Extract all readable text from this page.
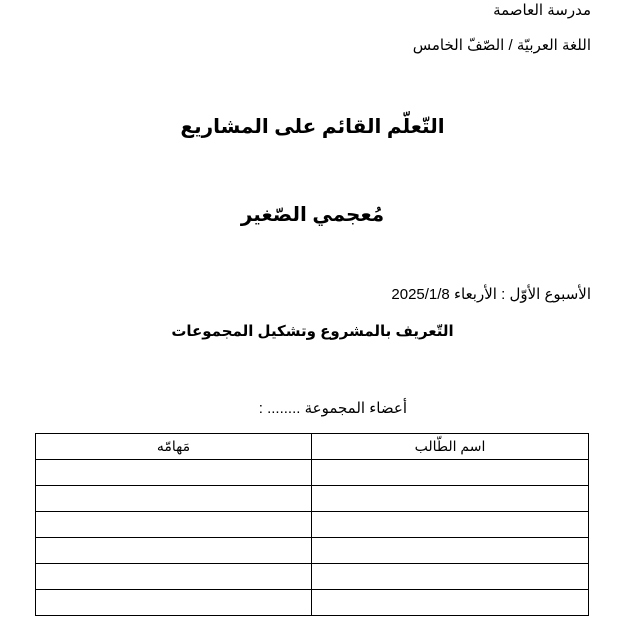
مدرسة العاصمة
اللغة العربيّة / الصّفّ الخامس
التّعلّم القائم على المشاريع
مُعجمي الصّغير
الأسبوع الأوّل : الأربعاء 2025/1/8
التّعريف بالمشروع وتشكيل المجموعات
أعضاء المجموعة ........ :
اسم الطّالب	مَهامّه
